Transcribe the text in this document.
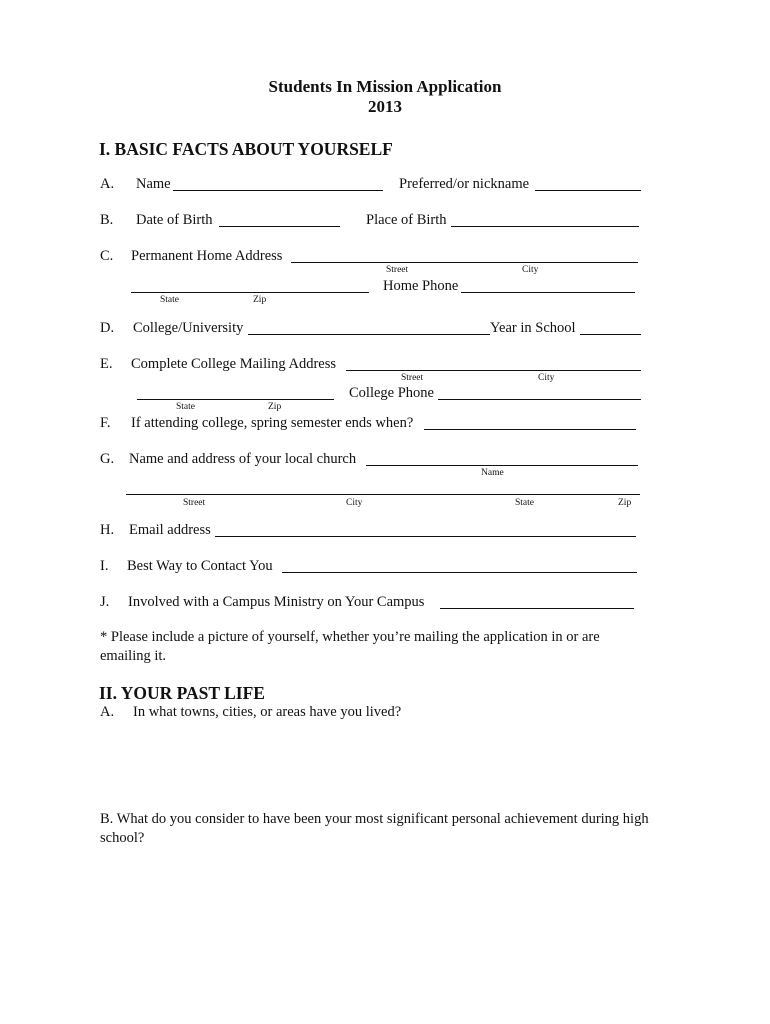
Students In Mission Application
2013
I. BASIC FACTS ABOUT YOURSELF
A. Name	Preferred/or nickname
B. Date of Birth	Place of Birth
C. Permanent Home Address
Street	City
Home Phone
State	Zip
D. College/University	Year in School
E. Complete College Mailing Address
Street	City
College Phone
State	Zip
F. If attending college, spring semester ends when?
G. Name and address of your local church
Name
Street	City	State	Zip
H. Email address
I. Best Way to Contact You
J. Involved with a Campus Ministry on Your Campus
* Please include a picture of yourself, whether you’re mailing the application in or are emailing it.
II. YOUR PAST LIFE
A. In what towns, cities, or areas have you lived?
B. What do you consider to have been your most significant personal achievement during high school?
